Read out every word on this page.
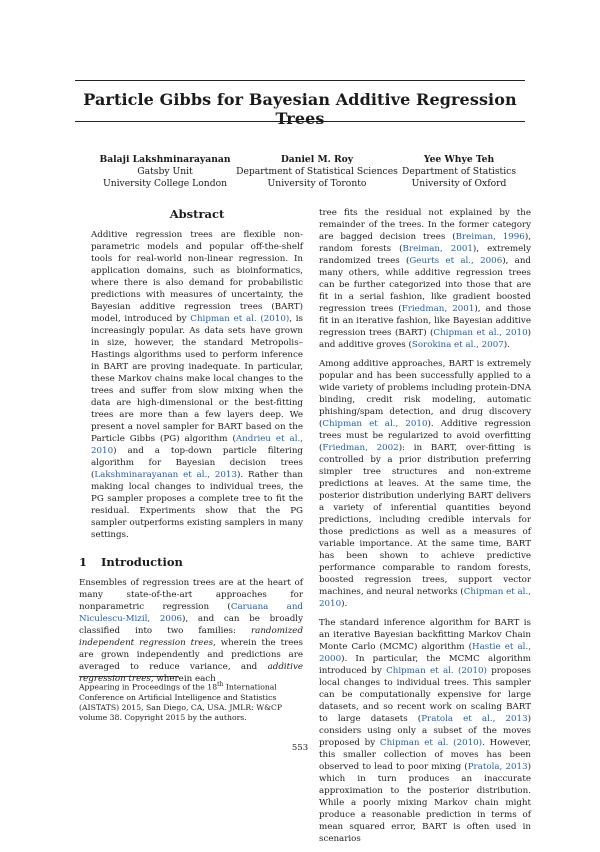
Particle Gibbs for Bayesian Additive Regression Trees
Balaji Lakshminarayanan
Gatsby Unit
University College London
Daniel M. Roy
Department of Statistical Sciences
University of Toronto
Yee Whye Teh
Department of Statistics
University of Oxford
Abstract

Additive regression trees are flexible non-parametric models and popular off-the-shelf tools for real-world non-linear regression. In application domains, such as bioinformatics, where there is also demand for probabilistic predictions with measures of uncertainty, the Bayesian additive regression trees (BART) model, introduced by Chipman et al. (2010), is increasingly popular. As data sets have grown in size, however, the standard Metropolis–Hastings algorithms used to perform inference in BART are proving inadequate. In particular, these Markov chains make local changes to the trees and suffer from slow mixing when the data are high-dimensional or the best-fitting trees are more than a few layers deep. We present a novel sampler for BART based on the Particle Gibbs (PG) algorithm (Andrieu et al., 2010) and a top-down particle filtering algorithm for Bayesian decision trees (Lakshminarayanan et al., 2013). Rather than making local changes to individual trees, the PG sampler proposes a complete tree to fit the residual. Experiments show that the PG sampler outperforms existing samplers in many settings.

1 Introduction

Ensembles of regression trees are at the heart of many state-of-the-art approaches for nonparametric regression (Caruana and Niculescu-Mizil, 2006), and can be broadly classified into two families: randomized independent regression trees, wherein the trees are grown independently and predictions are averaged to reduce variance, and additive regression trees, wherein each

Appearing in Proceedings of the 18th International Conference on Artificial Intelligence and Statistics (AISTATS) 2015, San Diego, CA, USA. JMLR: W&CP volume 38. Copyright 2015 by the authors.

tree fits the residual not explained by the remainder of the trees. In the former category are bagged decision trees (Breiman, 1996), random forests (Breiman, 2001), extremely randomized trees (Geurts et al., 2006), and many others, while additive regression trees can be further categorized into those that are fit in a serial fashion, like gradient boosted regression trees (Friedman, 2001), and those fit in an iterative fashion, like Bayesian additive regression trees (BART) (Chipman et al., 2010) and additive groves (Sorokina et al., 2007).

Among additive approaches, BART is extremely popular and has been successfully applied to a wide variety of problems including protein-DNA binding, credit risk modeling, automatic phishing/spam detection, and drug discovery (Chipman et al., 2010). Additive regression trees must be regularized to avoid overfitting (Friedman, 2002): in BART, over-fitting is controlled by a prior distribution preferring simpler tree structures and non-extreme predictions at leaves. At the same time, the posterior distribution underlying BART delivers a variety of inferential quantities beyond predictions, including credible intervals for those predictions as well as a measures of variable importance. At the same time, BART has been shown to achieve predictive performance comparable to random forests, boosted regression trees, support vector machines, and neural networks (Chipman et al., 2010).

The standard inference algorithm for BART is an iterative Bayesian backfitting Markov Chain Monte Carlo (MCMC) algorithm (Hastie et al., 2000). In particular, the MCMC algorithm introduced by Chipman et al. (2010) proposes local changes to individual trees. This sampler can be computationally expensive for large datasets, and so recent work on scaling BART to large datasets (Pratola et al., 2013) considers using only a subset of the moves proposed by Chipman et al. (2010). However, this smaller collection of moves has been observed to lead to poor mixing (Pratola, 2013) which in turn produces an inaccurate approximation to the posterior distribution. While a poorly mixing Markov chain might produce a reasonable prediction in terms of mean squared error, BART is often used in scenarios

553
